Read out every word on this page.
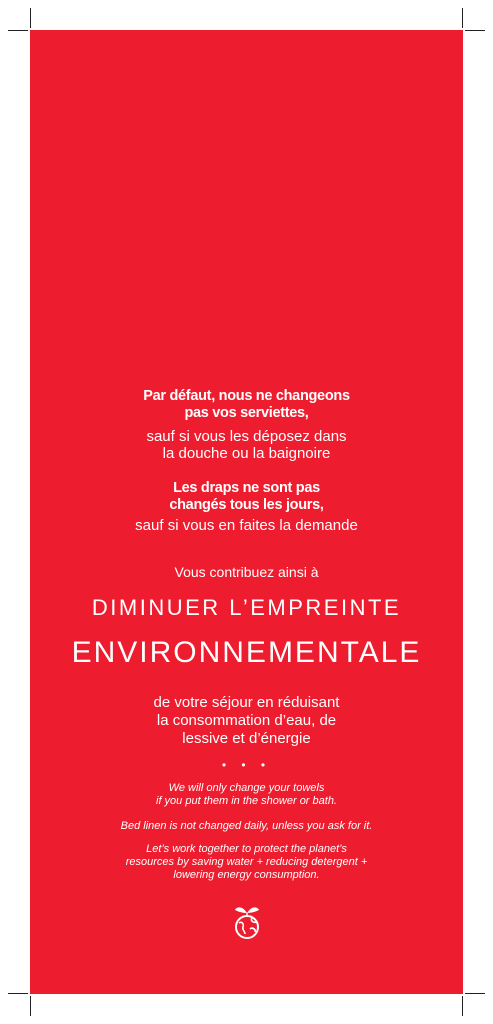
Par défaut, nous ne changeons

pas vos serviettes,

sauf si vous les déposez dans

la douche ou la baignoire

Les draps ne sont pas

changés tous les jours,

sauf si vous en faites la demande

Vous contribuez ainsi à

DIMINUER L’EMPREINTE
ENVIRONNEMENTALE

de votre séjour en réduisant

la consommation d’eau, de

lessive et d’énergie

• • •

We will only change your towels

if you put them in the shower or bath.

Bed linen is not changed daily, unless you ask for it.

Let’s work together to protect the planet’s

resources by saving water + reducing detergent +

lowering energy consumption.
